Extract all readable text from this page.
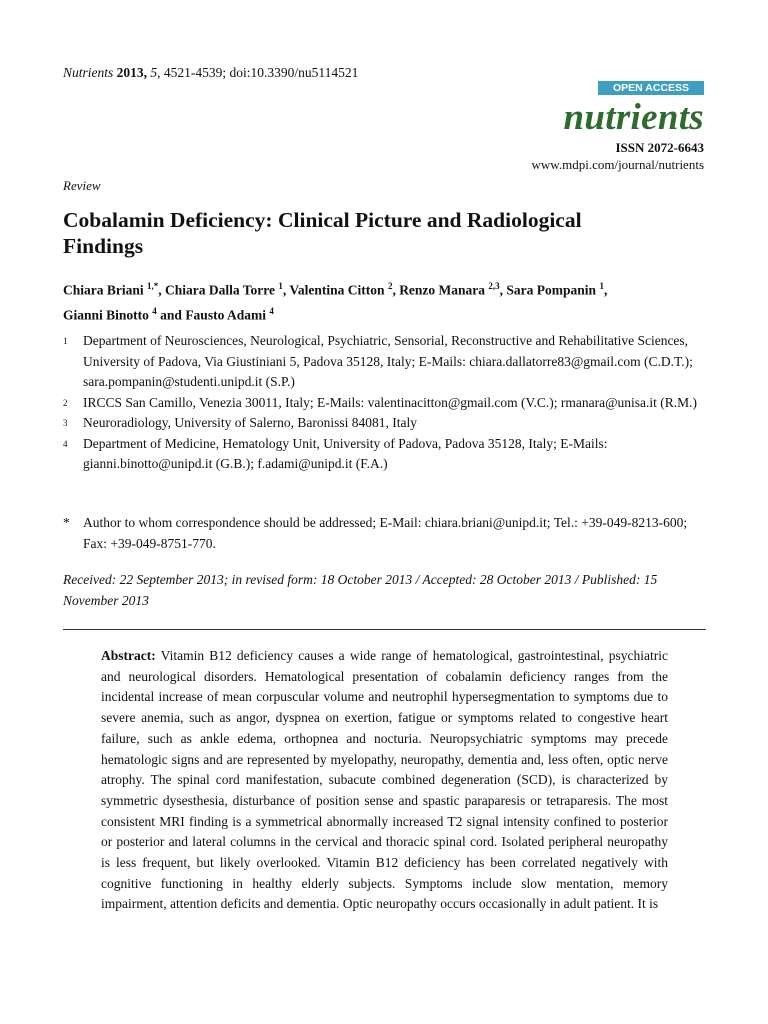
Nutrients 2013, 5, 4521-4539; doi:10.3390/nu5114521
OPEN ACCESS
nutrients
ISSN 2072-6643
www.mdpi.com/journal/nutrients
Review
Cobalamin Deficiency: Clinical Picture and Radiological Findings
Chiara Briani $^{1,*}$, Chiara Dalla Torre $^1$, Valentina Citton $^2$, Renzo Manara $^{2,3}$, Sara Pompanin $^1$,
Gianni Binotto $^4$ and Fausto Adami $^4$
1	Department of Neurosciences, Neurological, Psychiatric, Sensorial, Reconstructive and Rehabilitative Sciences, University of Padova, Via Giustiniani 5, Padova 35128, Italy; E-Mails: chiara.dallatorre83@gmail.com (C.D.T.); sara.pompanin@studenti.unipd.it (S.P.)
2	IRCCS San Camillo, Venezia 30011, Italy; E-Mails: valentinacitton@gmail.com (V.C.); rmanara@unisa.it (R.M.)
3	Neuroradiology, University of Salerno, Baronissi 84081, Italy
4	Department of Medicine, Hematology Unit, University of Padova, Padova 35128, Italy; E-Mails: gianni.binotto@unipd.it (G.B.); f.adami@unipd.it (F.A.)
* Author to whom correspondence should be addressed; E-Mail: chiara.briani@unipd.it; Tel.: +39-049-8213-600; Fax: +39-049-8751-770.
Received: 22 September 2013; in revised form: 18 October 2013 / Accepted: 28 October 2013 / Published: 15 November 2013
Abstract: Vitamin B12 deficiency causes a wide range of hematological, gastrointestinal, psychiatric and neurological disorders. Hematological presentation of cobalamin deficiency ranges from the incidental increase of mean corpuscular volume and neutrophil hypersegmentation to symptoms due to severe anemia, such as angor, dyspnea on exertion, fatigue or symptoms related to congestive heart failure, such as ankle edema, orthopnea and nocturia. Neuropsychiatric symptoms may precede hematologic signs and are represented by myelopathy, neuropathy, dementia and, less often, optic nerve atrophy. The spinal cord manifestation, subacute combined degeneration (SCD), is characterized by symmetric dysesthesia, disturbance of position sense and spastic paraparesis or tetraparesis. The most consistent MRI finding is a symmetrical abnormally increased T2 signal intensity confined to posterior or posterior and lateral columns in the cervical and thoracic spinal cord. Isolated peripheral neuropathy is less frequent, but likely overlooked. Vitamin B12 deficiency has been correlated negatively with cognitive functioning in healthy elderly subjects. Symptoms include slow mentation, memory impairment, attention deficits and dementia. Optic neuropathy occurs occasionally in adult patient. It is
